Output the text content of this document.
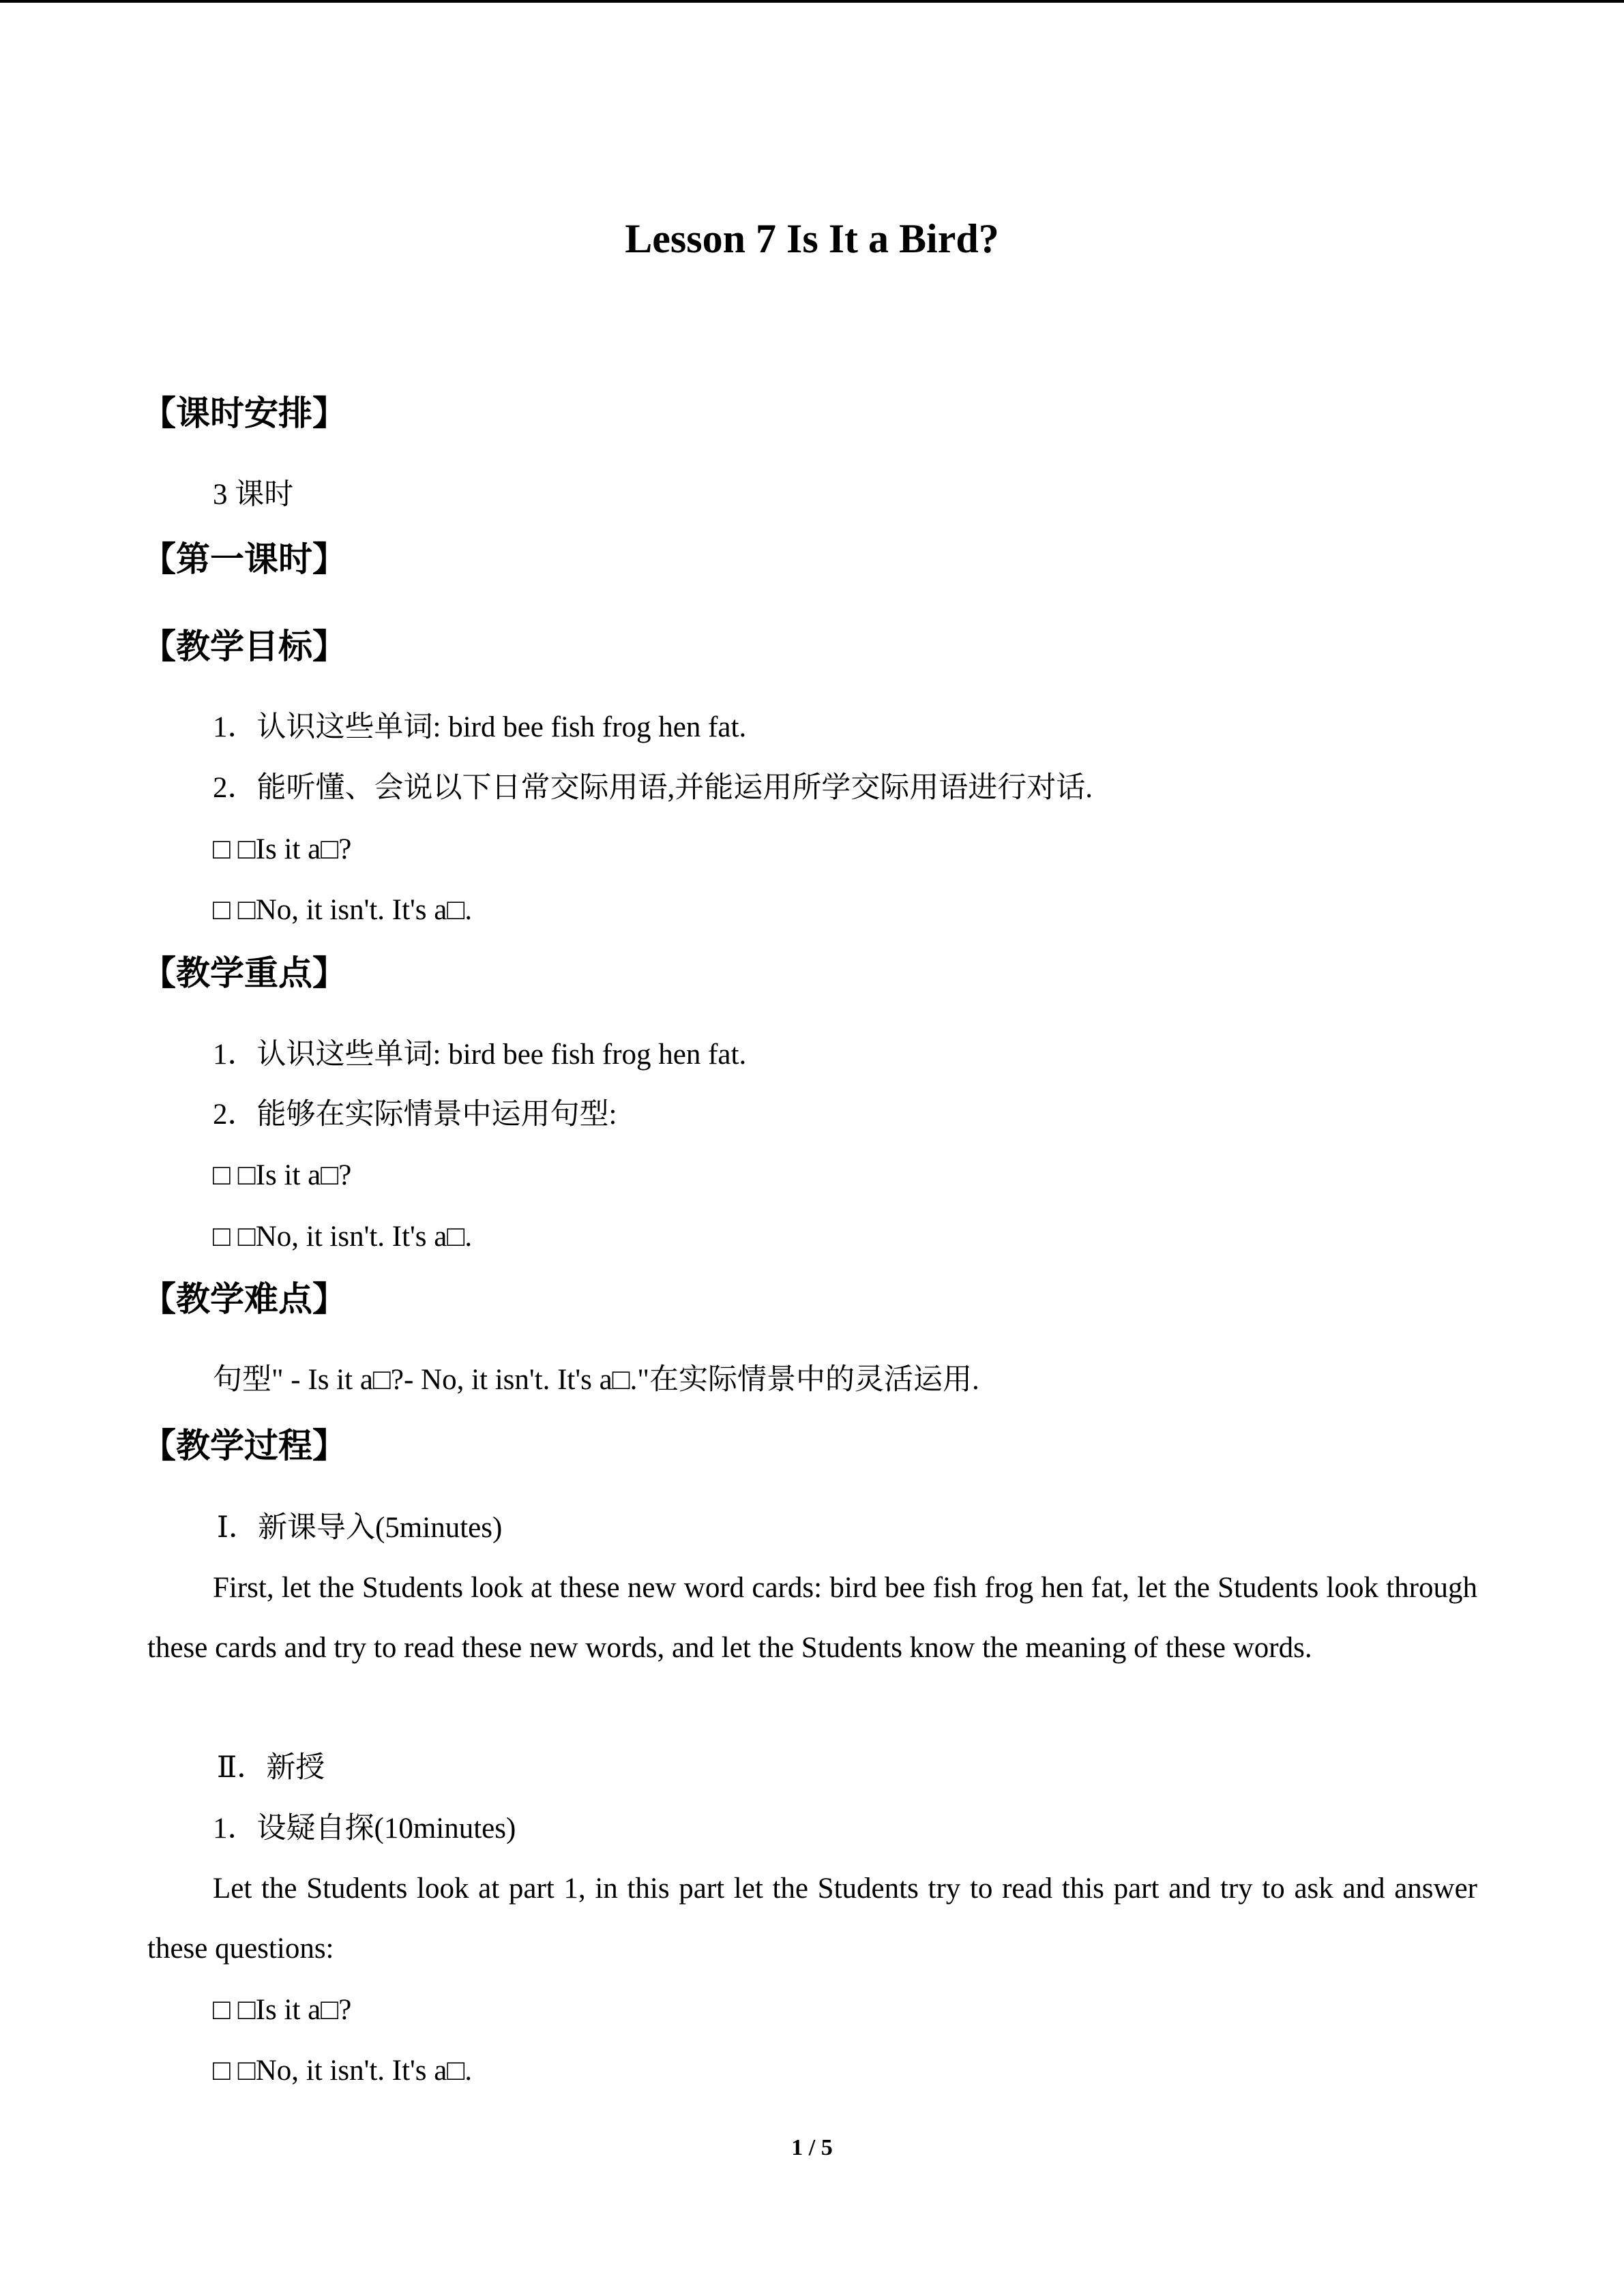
Lesson 7 Is It a Bird?
【课时安排】

3 课时

【第一课时】
【教学目标】

1．认识这些单词: bird bee fish frog hen fat.

2．能听懂、会说以下日常交际用语,并能运用所学交际用语进行对话.

□ □Is it a□?

□ □No, it isn't. It's a□.

【教学重点】

1．认识这些单词: bird bee fish frog hen fat.

2．能够在实际情景中运用句型:

□ □Is it a□?

□ □No, it isn't. It's a□.

【教学难点】

句型" - Is it a□?- No, it isn't. It's a□."在实际情景中的灵活运用.

【教学过程】

Ⅰ．新课导入(5minutes)

First, let the Students look at these new word cards: bird bee fish frog hen fat, let the Students look through these cards and try to read these new words, and let the Students know the meaning of these words.

Ⅱ．新授

1．设疑自探(10minutes)

Let the Students look at part 1, in this part let the Students try to read this part and try to ask and answer these questions:

□ □Is it a□?

□ □No, it isn't. It's a□.

1 / 5
